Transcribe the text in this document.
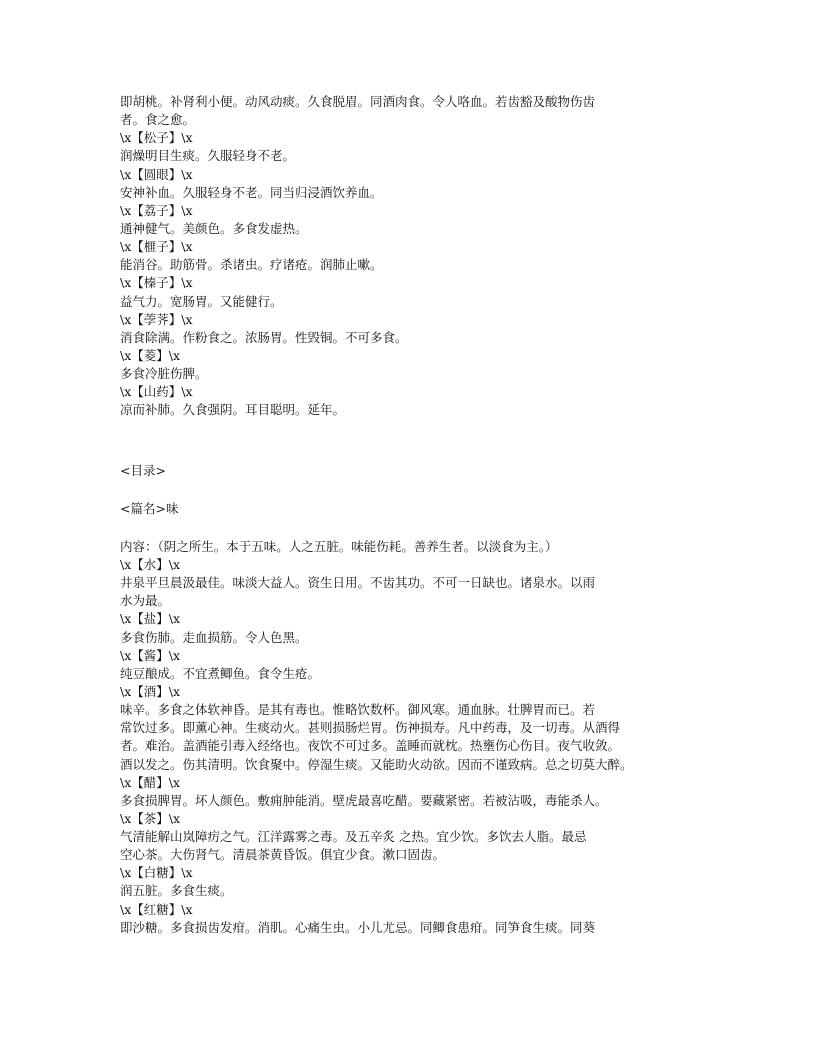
即胡桃。补肾利小便。动风动痰。久食脱眉。同酒肉食。令人咯血。若齿豁及酸物伤齿
者。食之愈。
\x【松子】\x
润燥明目生痰。久服轻身不老。
\x【圆眼】\x
安神补血。久服轻身不老。同当归浸酒饮养血。
\x【荔子】\x
通神健气。美颜色。多食发虚热。
\x【榧子】\x
能消谷。助筋骨。杀诸虫。疗诸疮。润肺止嗽。
\x【榛子】\x
益气力。宽肠胃。又能健行。
\x【荸荠】\x
消食除满。作粉食之。浓肠胃。性毁铜。不可多食。
\x【菱】\x
多食冷脏伤脾。
\x【山药】\x
凉而补肺。久食强阴。耳目聪明。延年。
<目录>
<篇名>味
内容：（阴之所生。本于五味。人之五脏。味能伤耗。善养生者。以淡食为主。）
\x【水】\x
井泉平旦晨汲最佳。味淡大益人。资生日用。不齿其功。不可一日缺也。诸泉水。以雨
水为最。
\x【盐】\x
多食伤肺。走血损筋。令人色黑。
\x【酱】\x
纯豆酿成。不宜煮鲫鱼。食令生疮。
\x【酒】\x
味辛。多食之体软神昏。是其有毒也。惟略饮数杯。御风寒。通血脉。壮脾胃而已。若
常饮过多。即薰心神。生痰动火。甚则损肠烂胃。伤神损寿。凡中药毒，及一切毒。从酒得
者。难治。盖酒能引毒入经络也。夜饮不可过多。盖睡而就枕。热壅伤心伤目。夜气收敛。
酒以发之。伤其清明。饮食聚中。停湿生痰。又能助火动欲。因而不谨致病。总之切莫大醉。
\x【醋】\x
多食损脾胃。坏人颜色。敷痈肿能消。壁虎最喜吃醋。要藏紧密。若被沾吸，毒能杀人。
\x【茶】\x
气清能解山岚障疠之气。江洋露雾之毒。及五辛炙 之热。宜少饮。多饮去人脂。最忌
空心茶。大伤肾气。清晨茶黄昏饭。俱宜少食。漱口固齿。
\x【白糖】\x
润五脏。多食生痰。
\x【红糖】\x
即沙糖。多食损齿发疳。消肌。心痛生虫。小儿尤忌。同鲫食患疳。同笋食生痰。同葵
